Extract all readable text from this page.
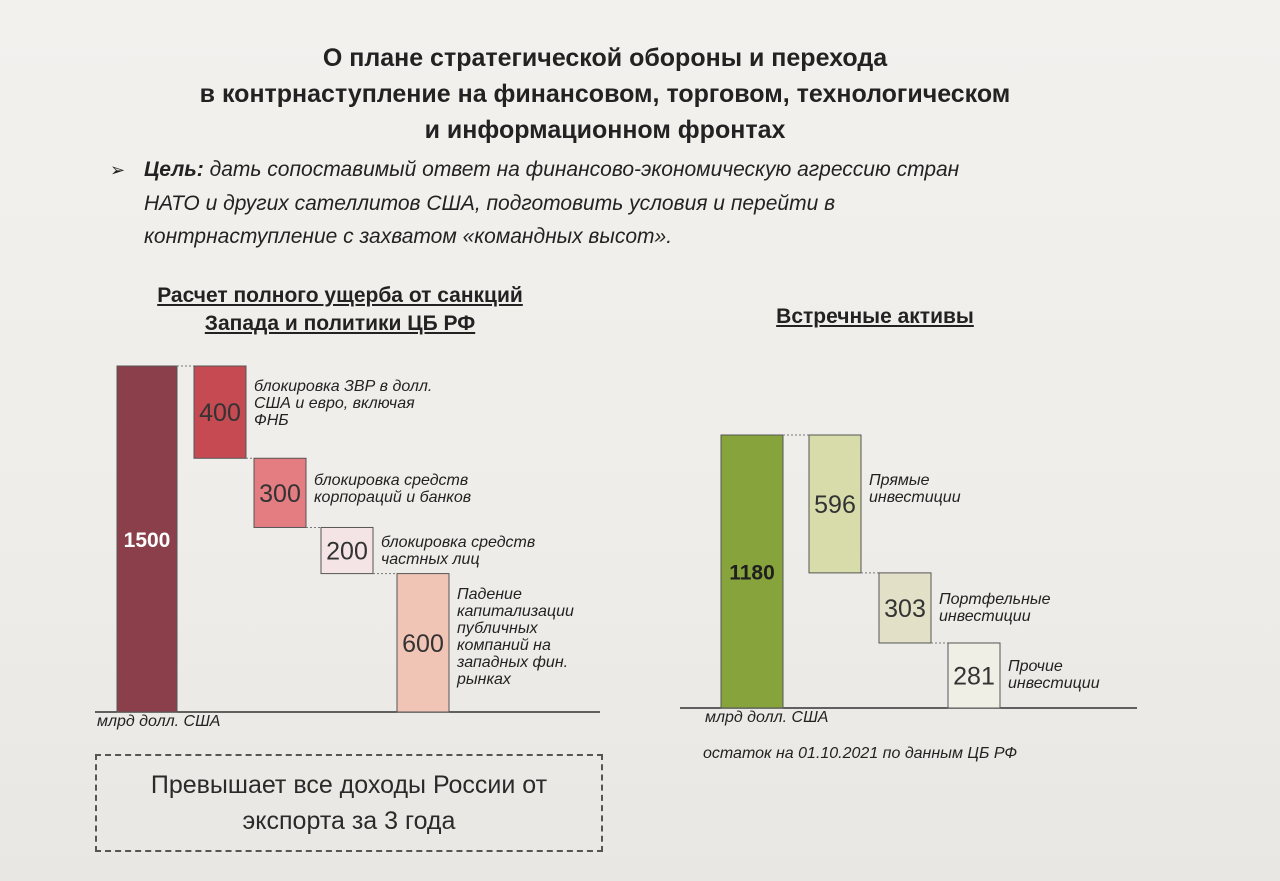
О плане стратегической обороны и перехода
в контрнаступление на финансовом, торговом, технологическом
и информационном фронтах
➢ Цель: дать сопоставимый ответ на финансово-экономическую агрессию стран
НАТО и других сателлитов США, подготовить условия и перейти в
контрнаступление с захватом «командных высот».
Расчет полного ущерба от санкций
Запада и политики ЦБ РФ	Встречные активы
1500
400
300
200
600
1180
596
303
281
млрд долл. США	млрд долл. США
остаток на 01.10.2021 по данным ЦБ РФ
Превышает все доходы России от
экспорта за 3 года
блокировка ЗВР в долл.
США и евро, включая
ФНБ
блокировка средств
корпораций и банков
блокировка средств
частных лиц
Падение
капитализации
публичных
компаний на
западных фин.
рынках
Прямые
инвестиции
Портфельные
инвестиции
Прочие
инвестиции
